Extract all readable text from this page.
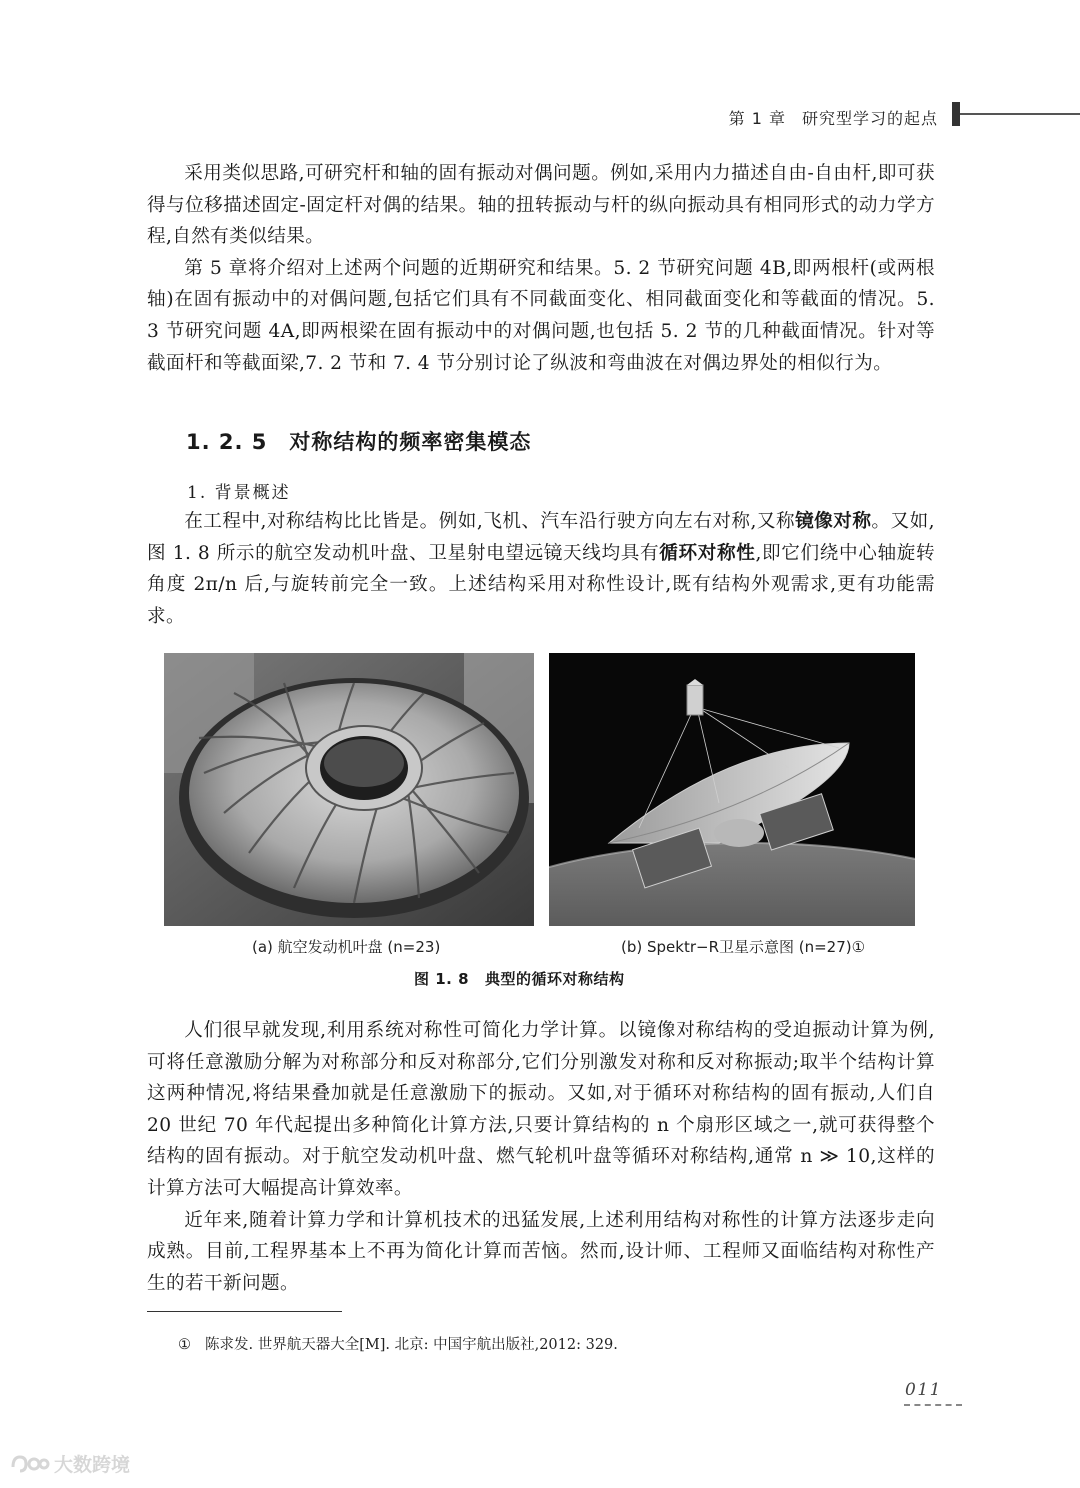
第 1 章 研究型学习的起点

采用类似思路,可研究杆和轴的固有振动对偶问题。例如,采用内力描述自由-自由杆,即可获得与位移描述固定-固定杆对偶的结果。轴的扭转振动与杆的纵向振动具有相同形式的动力学方程,自然有类似结果。

第 5 章将介绍对上述两个问题的近期研究和结果。5. 2 节研究问题 4B,即两根杆(或两根轴)在固有振动中的对偶问题,包括它们具有不同截面变化、相同截面变化和等截面的情况。5. 3 节研究问题 4A,即两根梁在固有振动中的对偶问题,也包括 5. 2 节的几种截面情况。针对等截面杆和等截面梁,7. 2 节和 7. 4 节分别讨论了纵波和弯曲波在对偶边界处的相似行为。

1. 2. 5 对称结构的频率密集模态
1. 背景概述

在工程中,对称结构比比皆是。例如,飞机、汽车沿行驶方向左右对称,又称镜像对称。又如,图 1. 8 所示的航空发动机叶盘、卫星射电望远镜天线均具有循环对称性,即它们绕中心轴旋转角度 2π/n 后,与旋转前完全一致。上述结构采用对称性设计,既有结构外观需求,更有功能需求。

(a) 航空发动机叶盘 (n=23)	(b) Spektr−R卫星示意图 (n=27)①
图 1. 8 典型的循环对称结构

人们很早就发现,利用系统对称性可简化力学计算。以镜像对称结构的受迫振动计算为例,可将任意激励分解为对称部分和反对称部分,它们分别激发对称和反对称振动;取半个结构计算这两种情况,将结果叠加就是任意激励下的振动。又如,对于循环对称结构的固有振动,人们自 20 世纪 70 年代起提出多种简化计算方法,只要计算结构的 n 个扇形区域之一,就可获得整个结构的固有振动。对于航空发动机叶盘、燃气轮机叶盘等循环对称结构,通常 n ≫ 10,这样的计算方法可大幅提高计算效率。

近年来,随着计算力学和计算机技术的迅猛发展,上述利用结构对称性的计算方法逐步走向成熟。目前,工程界基本上不再为简化计算而苦恼。然而,设计师、工程师又面临结构对称性产生的若干新问题。

① 陈求发. 世界航天器大全[M]. 北京: 中国宇航出版社,2012: 329.
011
大数跨境
